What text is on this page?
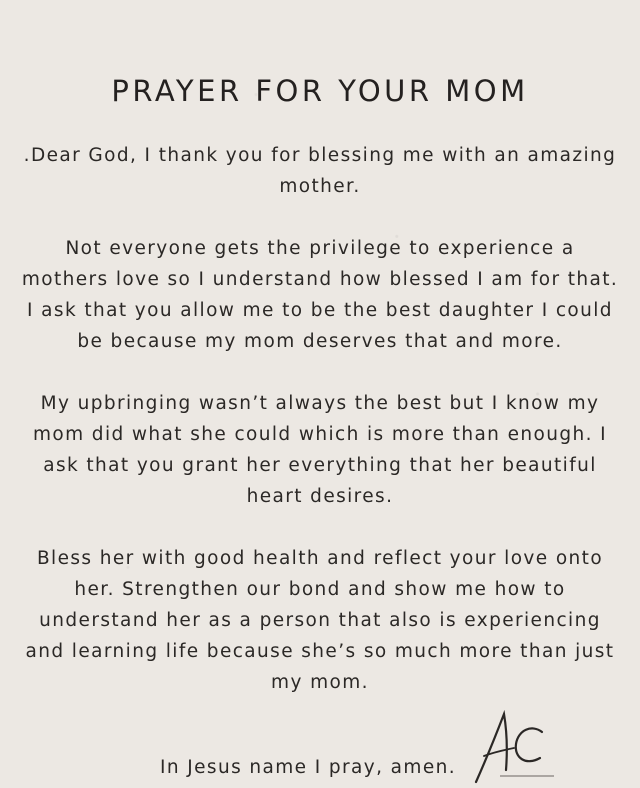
PRAYER FOR YOUR MOM

.Dear God, I thank you for blessing me with an amazing mother.

Not everyone gets the privilege to experience a mothers love so I understand how blessed I am for that. I ask that you allow me to be the best daughter I could be because my mom deserves that and more.

My upbringing wasn’t always the best but I know my mom did what she could which is more than enough. I ask that you grant her everything that her beautiful heart desires.

Bless her with good health and reflect your love onto her. Strengthen our bond and show me how to understand her as a person that also is experiencing and learning life because she’s so much more than just my mom.

In Jesus name I pray, amen.
